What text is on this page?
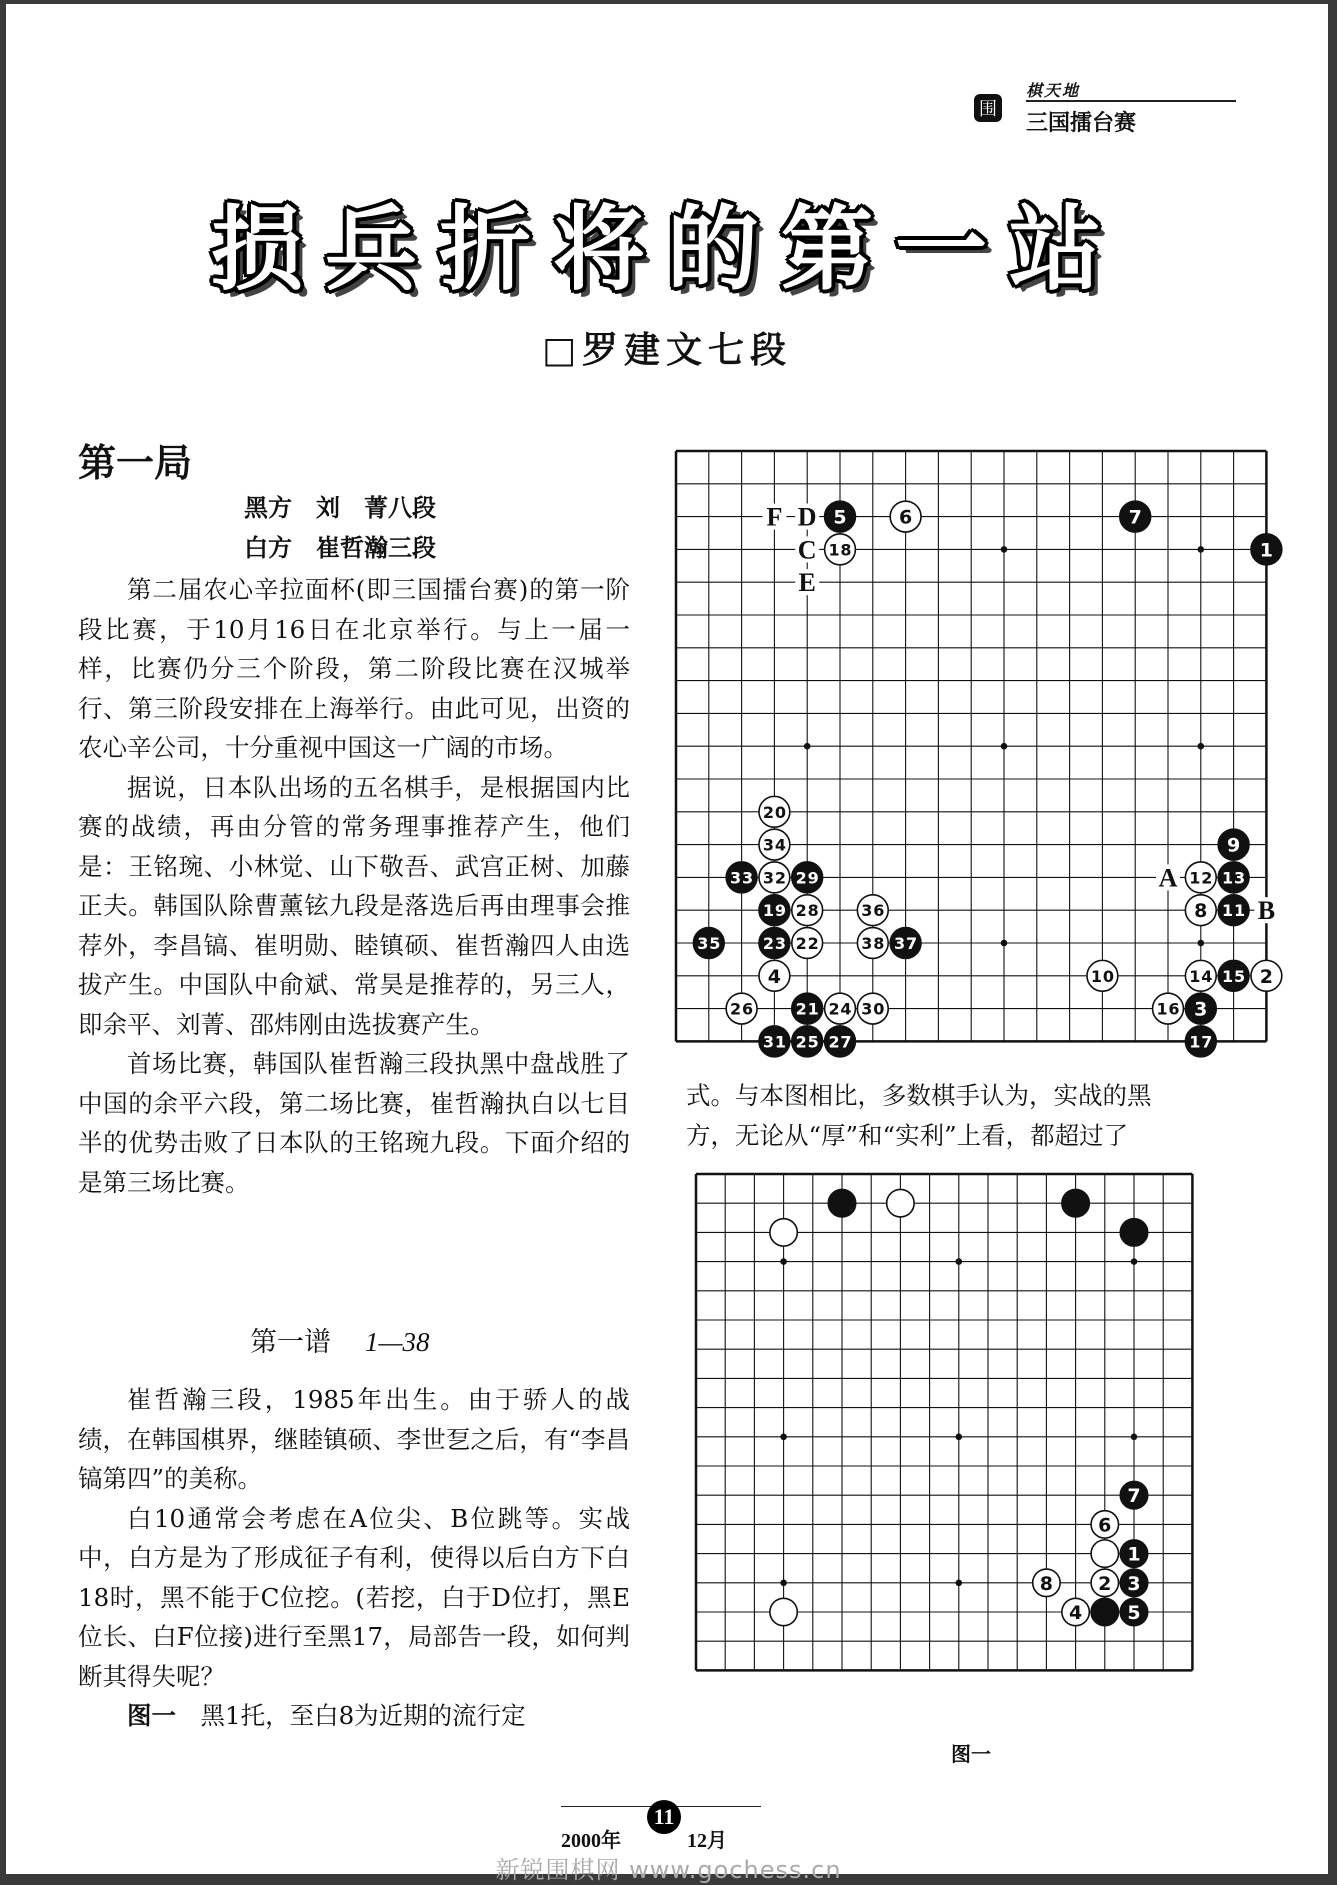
围
棋天地
三国擂台赛
损兵折将的第一站
□罗建文七段
第一局
黑方　刘　菁八段
白方　崔哲瀚三段

第二届农心辛拉面杯(即三国擂台赛)的第一阶段比赛，于10月16日在北京举行。与上一届一样，比赛仍分三个阶段，第二阶段比赛在汉城举行、第三阶段安排在上海举行。由此可见，出资的农心辛公司，十分重视中国这一广阔的市场。

据说，日本队出场的五名棋手，是根据国内比赛的战绩，再由分管的常务理事推荐产生，他们是：王铭琬、小林觉、山下敬吾、武宫正树、加藤正夫。韩国队除曹薰铉九段是落选后再由理事会推荐外，李昌镐、崔明勋、睦镇硕、崔哲瀚四人由选拔产生。中国队中俞斌、常昊是推荐的，另三人，即余平、刘菁、邵炜刚由选拔赛产生。

首场比赛，韩国队崔哲瀚三段执黑中盘战胜了中国的余平六段，第二场比赛，崔哲瀚执白以七目半的优势击败了日本队的王铭琬九段。下面介绍的是第三场比赛。

第一谱 1—38

崔哲瀚三段，1985年出生。由于骄人的战绩，在韩国棋界，继睦镇硕、李世乭之后，有“李昌镐第四”的美称。

白10通常会考虑在A位尖、B位跳等。实战中，白方是为了形成征子有利，使得以后白方下白18时，黑不能于C位挖。(若挖，白于D位打，黑E位长、白F位接)进行至黑17，局部告一段，如何判断其得失呢？

图一　黑1托，至白8为近期的流行定

1
2
3
4
5	6	7
8
9
10
11
12 13
14 15
16
17
18
19
20
21
22
23
24
25
26
27
28
29
30
31
32
33
34
35
36
37
38
F D
C
E
A
B
式。与本图相比，多数棋手认为，实战的黑
方，无论从“厚”和“实利”上看，都超过了
1
2 3
4 5
6
7
8
图一
2000年
11
12月
新锐围棋网 www.gochess.cn
